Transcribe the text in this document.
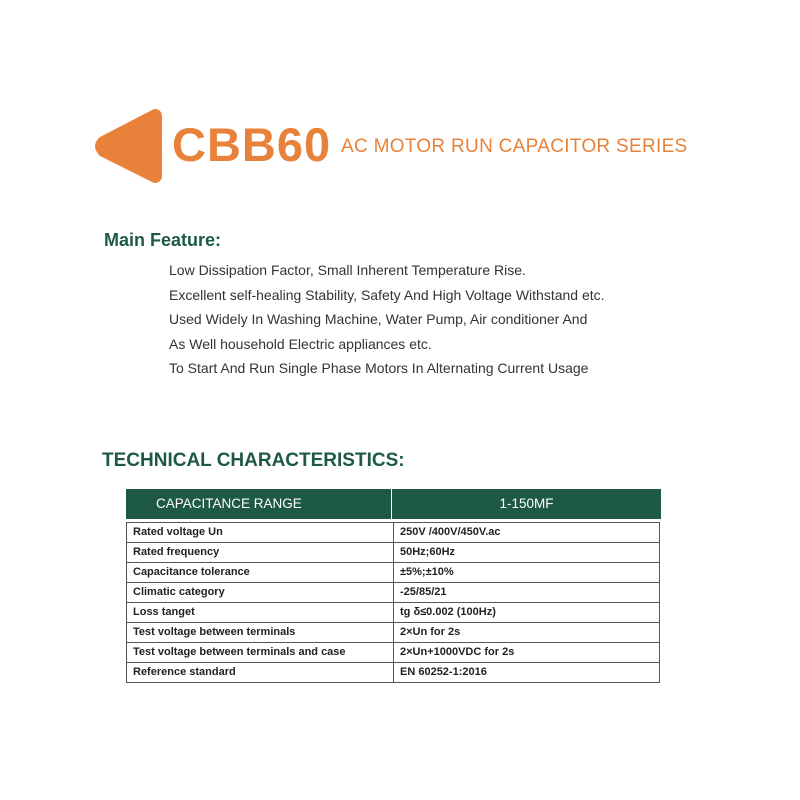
CBB60 AC MOTOR RUN CAPACITOR SERIES
Main Feature:
Low Dissipation Factor, Small Inherent Temperature Rise.
Excellent self-healing Stability, Safety And High Voltage Withstand etc.
Used Widely In Washing Machine, Water Pump, Air conditioner And
As Well household Electric appliances etc.
To Start And Run Single Phase Motors In Alternating Current Usage
TECHNICAL CHARACTERISTICS:
CAPACITANCE RANGE	1-150MF
Rated voltage Un	250V /400V/450V.ac
Rated frequency	50Hz;60Hz
Capacitance tolerance	±5%;±10%
Climatic category	-25/85/21
Loss tanget	tg δ≤0.002 (100Hz)
Test voltage between terminals	2×Un for 2s
Test voltage between terminals and case	2×Un+1000VDC for 2s
Reference standard	EN 60252-1:2016
